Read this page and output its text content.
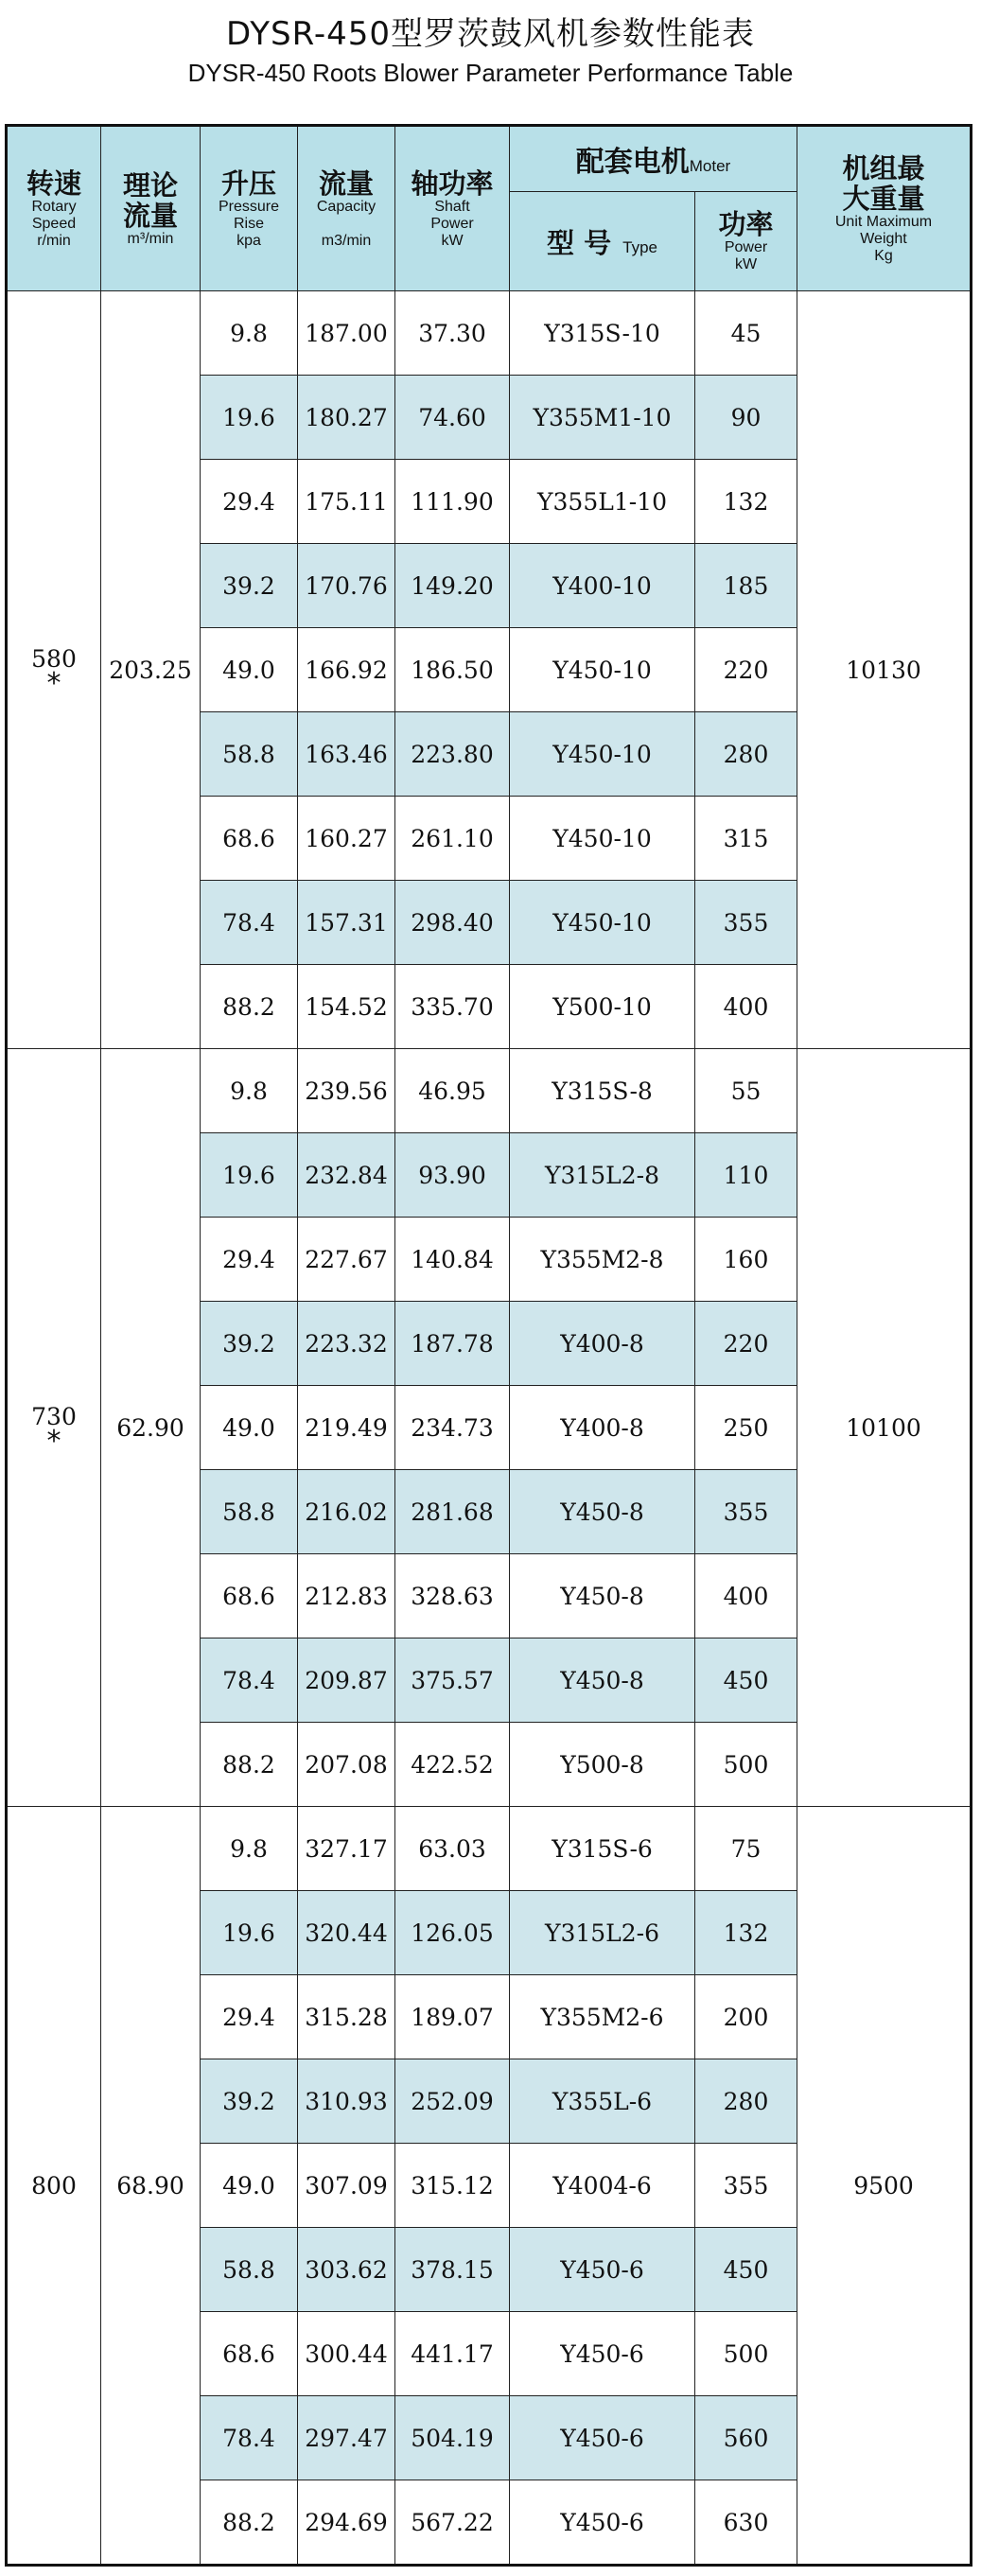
DYSR-450型罗茨鼓风机参数性能表
DYSR-450 Roots Blower Parameter Performance Table
转速
Rotary
Speed
r/min	理论
流量
m³/min	升压
Pressure
Rise
kpa	流量
Capacity
m3/min	轴功率
Shaft
Power
kW	配套电机Moter		机组最
大重量
Unit Maximum
Weight
Kg

					型 号 Type	功率
Power
kW	

580
*	203.25	9.8	187.00	37.30	Y315S-10	45	10130
		19.6	180.27	74.60	Y355M1-10	90	
		29.4	175.11	111.90	Y355L1-10	132	
		39.2	170.76	149.20	Y400-10	185	
		49.0	166.92	186.50	Y450-10	220	
		58.8	163.46	223.80	Y450-10	280	
		68.6	160.27	261.10	Y450-10	315	
		78.4	157.31	298.40	Y450-10	355	
		88.2	154.52	335.70	Y500-10	400	
730
*	62.90	9.8	239.56	46.95	Y315S-8	55	10100
		19.6	232.84	93.90	Y315L2-8	110	
		29.4	227.67	140.84	Y355M2-8	160	
		39.2	223.32	187.78	Y400-8	220	
		49.0	219.49	234.73	Y400-8	250	
		58.8	216.02	281.68	Y450-8	355	
		68.6	212.83	328.63	Y450-8	400	
		78.4	209.87	375.57	Y450-8	450	
		88.2	207.08	422.52	Y500-8	500	
800	68.90	9.8	327.17	63.03	Y315S-6	75	9500
		19.6	320.44	126.05	Y315L2-6	132	
		29.4	315.28	189.07	Y355M2-6	200	
		39.2	310.93	252.09	Y355L-6	280	
		49.0	307.09	315.12	Y4004-6	355	
		58.8	303.62	378.15	Y450-6	450	
		68.6	300.44	441.17	Y450-6	500	
		78.4	297.47	504.19	Y450-6	560	
		88.2	294.69	567.22	Y450-6	630	
